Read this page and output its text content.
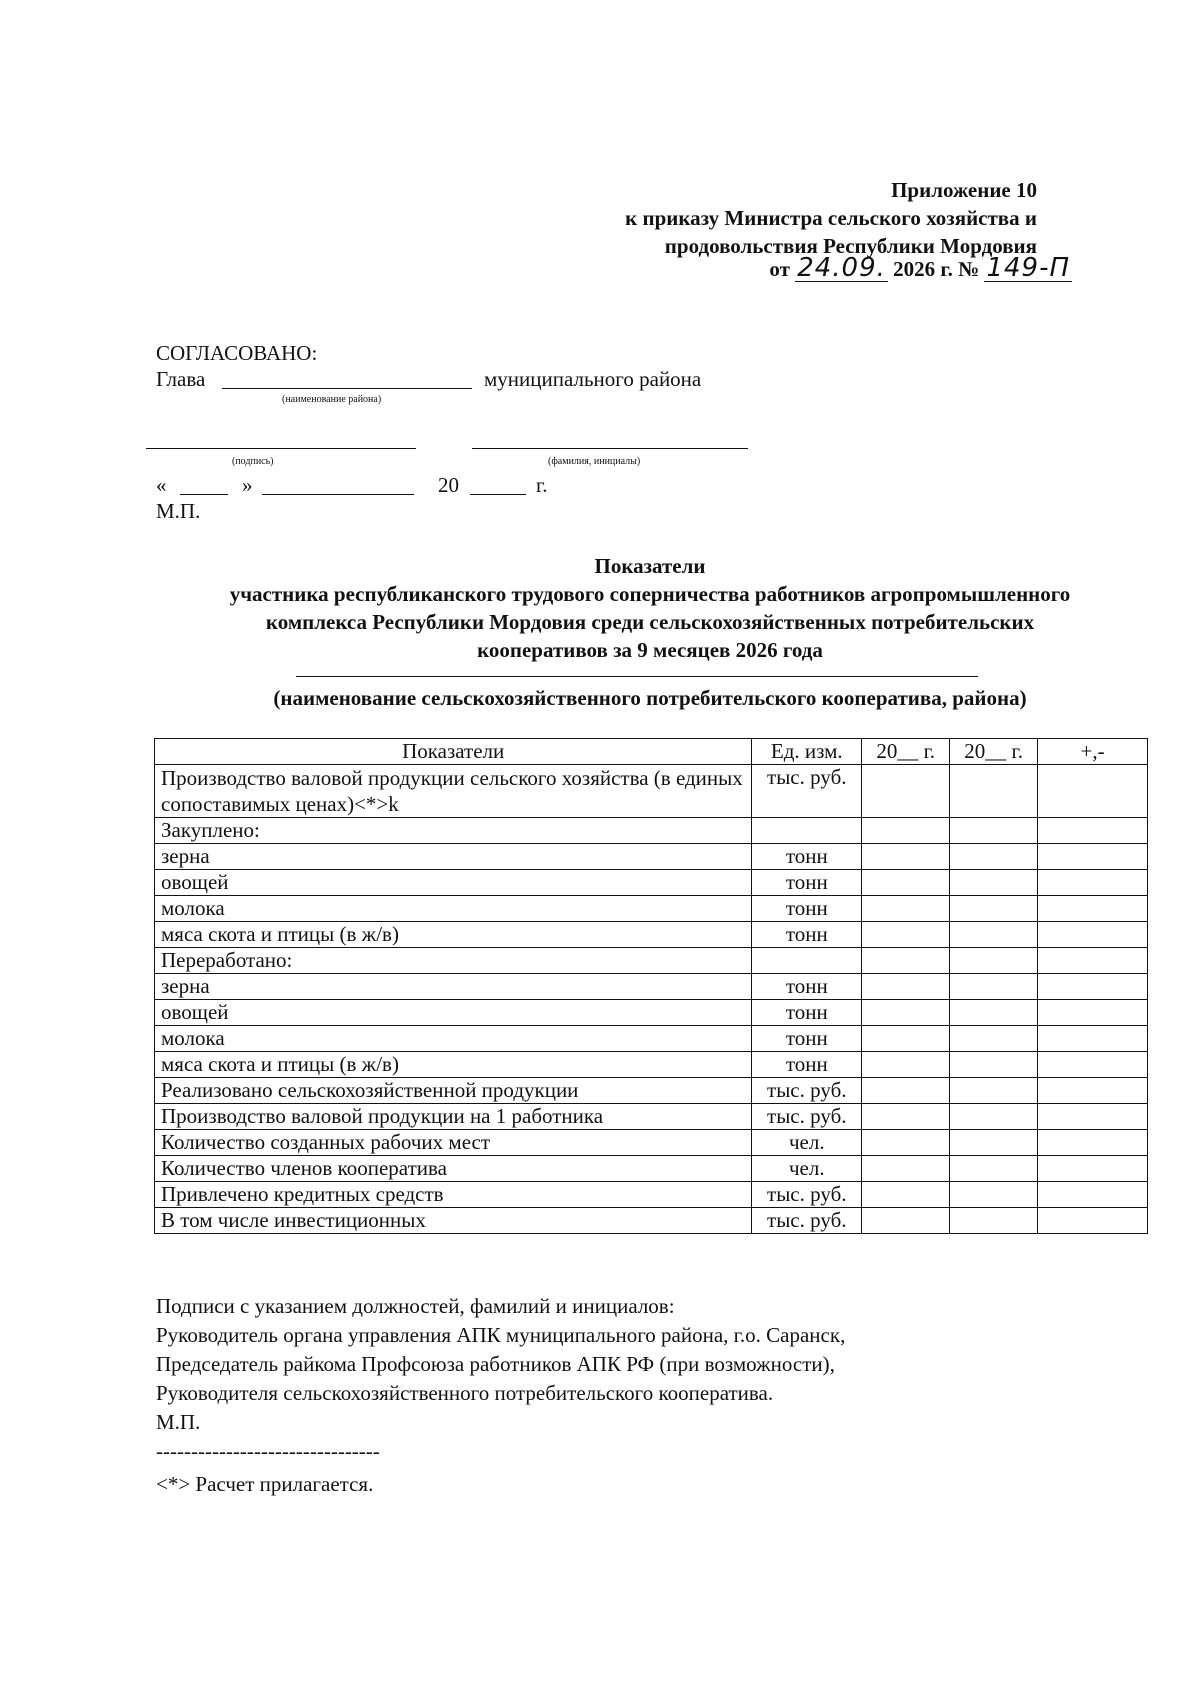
Приложение 10
к приказу Министра сельского хозяйства и
продовольствия Республики Мордовия
от 24.09. 2026 г. № 149-П
СОГЛАСОВАНО:
Глава	муниципального района
(наименование района)
(подпись)	(фамилия, инициалы)
«	»	20	г.
М.П.
Показатели
участника республиканского трудового соперничества работников агропромышленного
комплекса Республики Мордовия среди сельскохозяйственных потребительских
кооперативов за 9 месяцев 2026 года
(наименование сельскохозяйственного потребительского кооператива, района)
Показатели	Ед. изм.	20__ г.	20__ г.	+,-
Производство валовой продукции сельского хозяйства (в единых сопоставимых ценах)<*>k	тыс. руб.			
Закуплено:				
зерна	тонн			
овощей	тонн			
молока	тонн			
мяса скота и птицы (в ж/в)	тонн			
Переработано:				
зерна	тонн			
овощей	тонн			
молока	тонн			
мяса скота и птицы (в ж/в)	тонн			
Реализовано сельскохозяйственной продукции	тыс. руб.			
Производство валовой продукции на 1 работника	тыс. руб.			
Количество созданных рабочих мест	чел.			
Количество членов кооператива	чел.			
Привлечено кредитных средств	тыс. руб.			
В том числе инвестиционных	тыс. руб.			
Подписи с указанием должностей, фамилий и инициалов:
Руководитель органа управления АПК муниципального района, г.о. Саранск,
Председатель райкома Профсоюза работников АПК РФ (при возможности),
Руководителя сельскохозяйственного потребительского кооператива.
М.П.
--------------------------------
<*> Расчет прилагается.
